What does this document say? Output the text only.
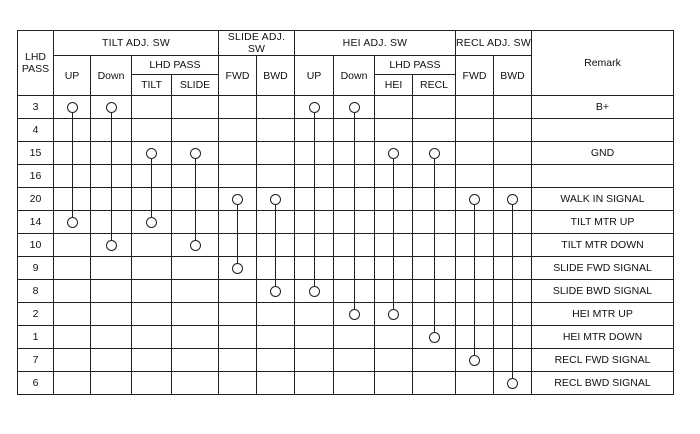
LHD
PASS	TILT ADJ. SW				SLIDE ADJ. SW		HEI ADJ. SW				RECL ADJ. SW		Remark
	UP	Down	LHD PASS		FWD	BWD	UP	Down	LHD PASS		FWD	BWD	
			TILT	SLIDE					HEI	RECL			
3													B+
4													
15													GND
16													
20													WALK IN SIGNAL
14													TILT MTR UP
10													TILT MTR DOWN
9													SLIDE FWD SIGNAL
8													SLIDE BWD SIGNAL
2													HEI MTR UP
1													HEI MTR DOWN
7													RECL FWD SIGNAL
6													RECL BWD SIGNAL
